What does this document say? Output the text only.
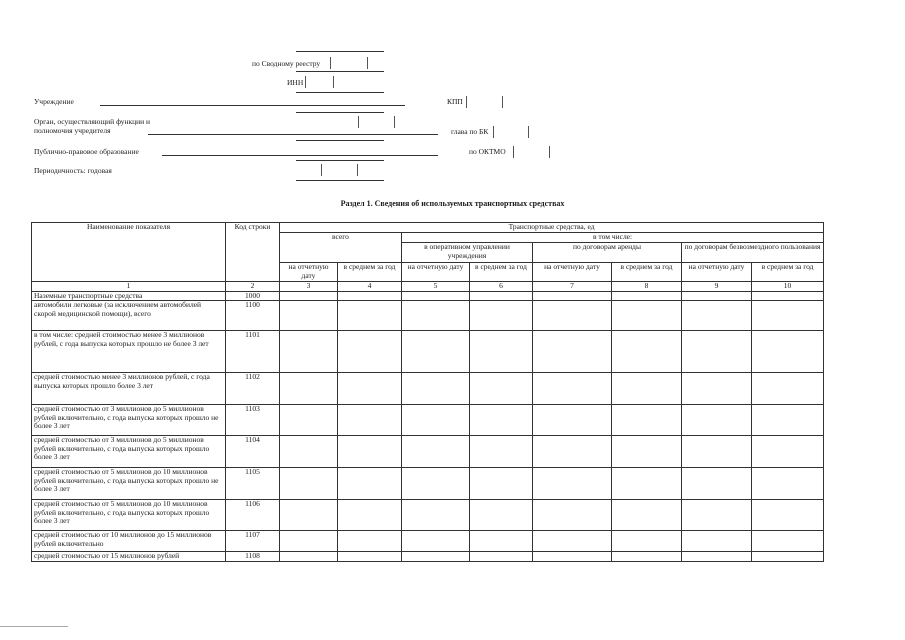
по Сводному реестру
ИНН
Учреждение	КПП
Орган, осуществляющий функции и
полномочия учредителя	глава по БК
Публично-правовое образование	по ОКТМО
Периодичность: годовая
Раздел 1. Сведения об используемых транспортных средствах
Наименование показателя	Код строки	Транспортные средства, ед							
		всего		в том числе:					
				в оперативном управлении учреждения		по договорам аренды		по договорам безвозмездного пользования	
		на отчетную дату	в среднем за год	на отчетную дату	в среднем за год	на отчетную дату	в среднем за год	на отчетную дату	в среднем за год
1	2	3	4	5	6	7	8	9	10
Наземные транспортные средства	1000								
автомобили легковые (за исключением автомобилей скорой медицинской помощи), всего	1100								
в том числе: средней стоимостью менее 3 миллионов рублей, с года выпуска которых прошло не более 3 лет	1101								
средней стоимостью менее 3 миллионов рублей, с года выпуска которых прошло более 3 лет	1102								
средней стоимостью от 3 миллионов до 5 миллионов рублей включительно, с года выпуска которых прошло не более 3 лет	1103								
средней стоимостью от 3 миллионов до 5 миллионов рублей включительно, с года выпуска которых прошло более 3 лет	1104								
средней стоимостью от 5 миллионов до 10 миллионов рублей включительно, с года выпуска которых прошло не более 3 лет	1105								
средней стоимостью от 5 миллионов до 10 миллионов рублей включительно, с года выпуска которых прошло более 3 лет	1106								
средней стоимостью от 10 миллионов до 15 миллионов рублей включительно	1107								
средней стоимостью от 15 миллионов рублей	1108								
